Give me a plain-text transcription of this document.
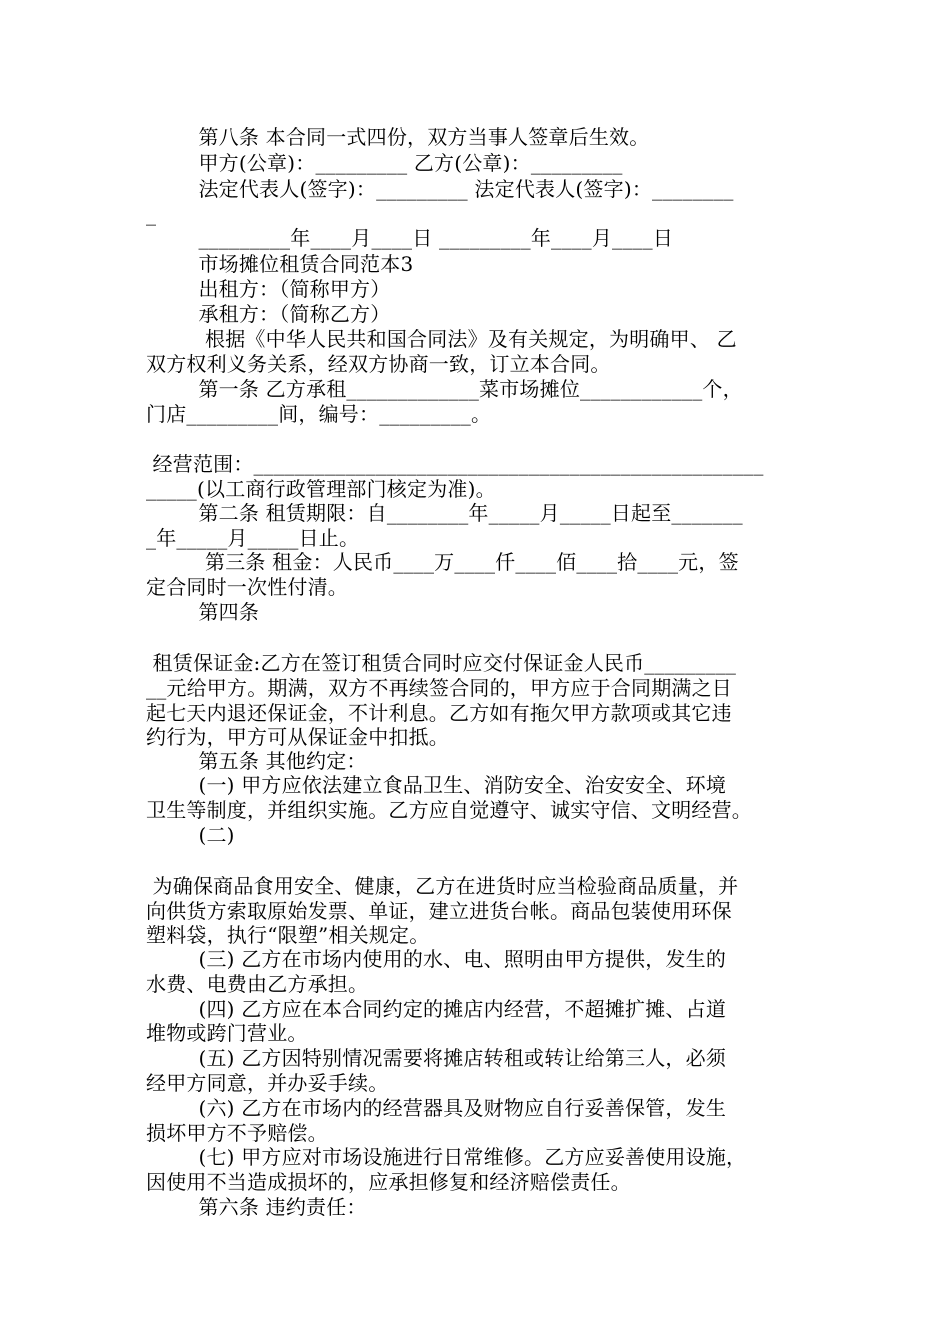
第八条 本合同一式四份，双方当事人签章后生效。
甲方(公章)：_________ 乙方(公章)：_________
法定代表人(签字)：_________ 法定代表人(签字)：________
_
_________年____月____日 _________年____月____日
市场摊位租赁合同范本3
出租方：（简称甲方）
承租方：（简称乙方）
根据《中华人民共和国合同法》及有关规定，为明确甲、 乙
双方权利义务关系，经双方协商一致，订立本合同。
第一条 乙方承租_____________菜市场摊位____________个，
门店_________间，编号：_________。
经营范围：__________________________________________________
_____(以工商行政管理部门核定为准)。
第二条 租赁期限：自________年_____月_____日起至_______
_年_____月_____日止。
第三条 租金：人民币____万____仟____佰____拾____元，签
定合同时一次性付清。
第四条
租赁保证金:乙方在签订租赁合同时应交付保证金人民币_________
__元给甲方。期满，双方不再续签合同的，甲方应于合同期满之日
起七天内退还保证金，不计利息。乙方如有拖欠甲方款项或其它违
约行为，甲方可从保证金中扣抵。
第五条 其他约定：
(一) 甲方应依法建立食品卫生、消防安全、治安安全、环境
卫生等制度，并组织实施。乙方应自觉遵守、诚实守信、文明经营。
(二)
为确保商品食用安全、健康，乙方在进货时应当检验商品质量，并
向供货方索取原始发票、单证，建立进货台帐。商品包装使用环保
塑料袋，执行“限塑”相关规定。
(三) 乙方在市场内使用的水、电、照明由甲方提供，发生的
水费、电费由乙方承担。
(四) 乙方应在本合同约定的摊店内经营，不超摊扩摊、占道
堆物或跨门营业。
(五) 乙方因特别情况需要将摊店转租或转让给第三人，必须
经甲方同意，并办妥手续。
(六) 乙方在市场内的经营器具及财物应自行妥善保管，发生
损坏甲方不予赔偿。
(七) 甲方应对市场设施进行日常维修。乙方应妥善使用设施，
因使用不当造成损坏的，应承担修复和经济赔偿责任。
第六条 违约责任：
